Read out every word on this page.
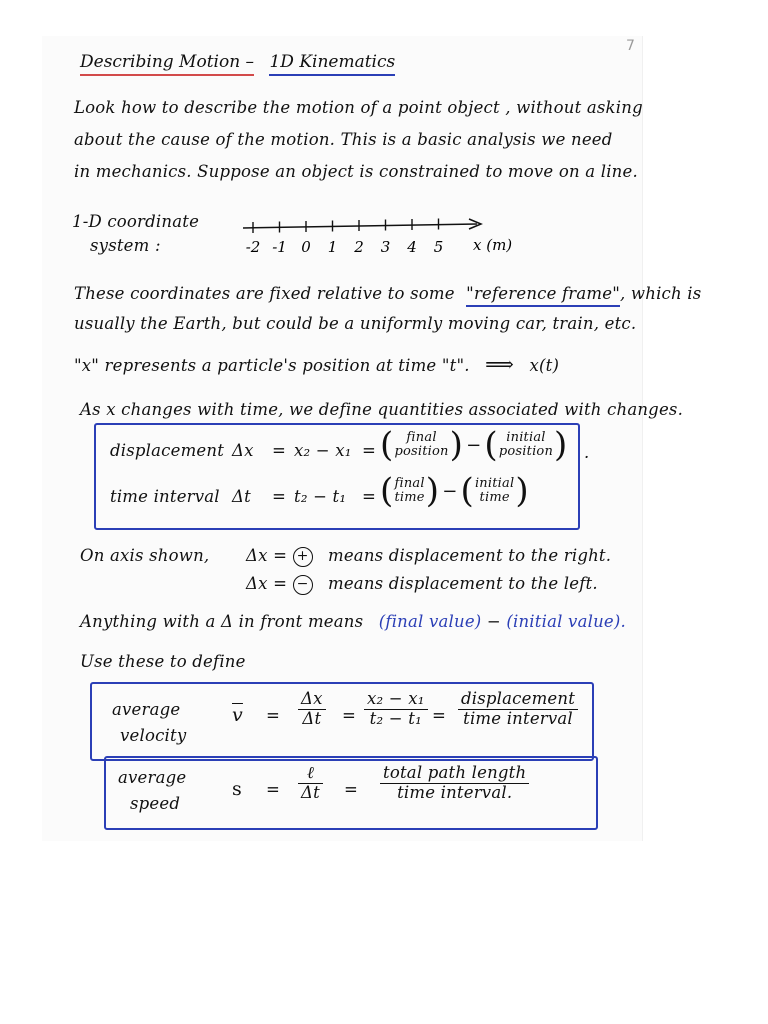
7
Describing Motion – 1D Kinematics
Look how to describe the motion of a point object , without asking
about the cause of the motion. This is a basic analysis we need
in mechanics. Suppose an object is constrained to move on a line.
1-D coordinate
system :	-2 -1 0 1 2 3 4 5 x (m)
These coordinates are fixed relative to some "reference frame", which is
usually the Earth, but could be a uniformly moving car, train, etc.
"x" represents a particle's position at time "t". ⟹ x(t)
As x changes with time, we define quantities associated with changes.
displacement Δx = x₂ − x₁ = ( final
position ) − ( initial
position ) ·
time interval Δt = t₂ − t₁ = ( final
time ) − ( initial
time )
On axis shown, Δx = + means displacement to the right.
Δx = − means displacement to the left.
Anything with a Δ in front means (final value) − (initial value).
Use these to define
average
velocity
$\overline{v} = \frac{\Delta x}{\Delta t} = \frac{\text{x₂ − x₁}}{\text{t₂ − t₁}}$ =
displacement
time interval
average
speed
s =
ℓ
Δt =
total path length
time interval.
